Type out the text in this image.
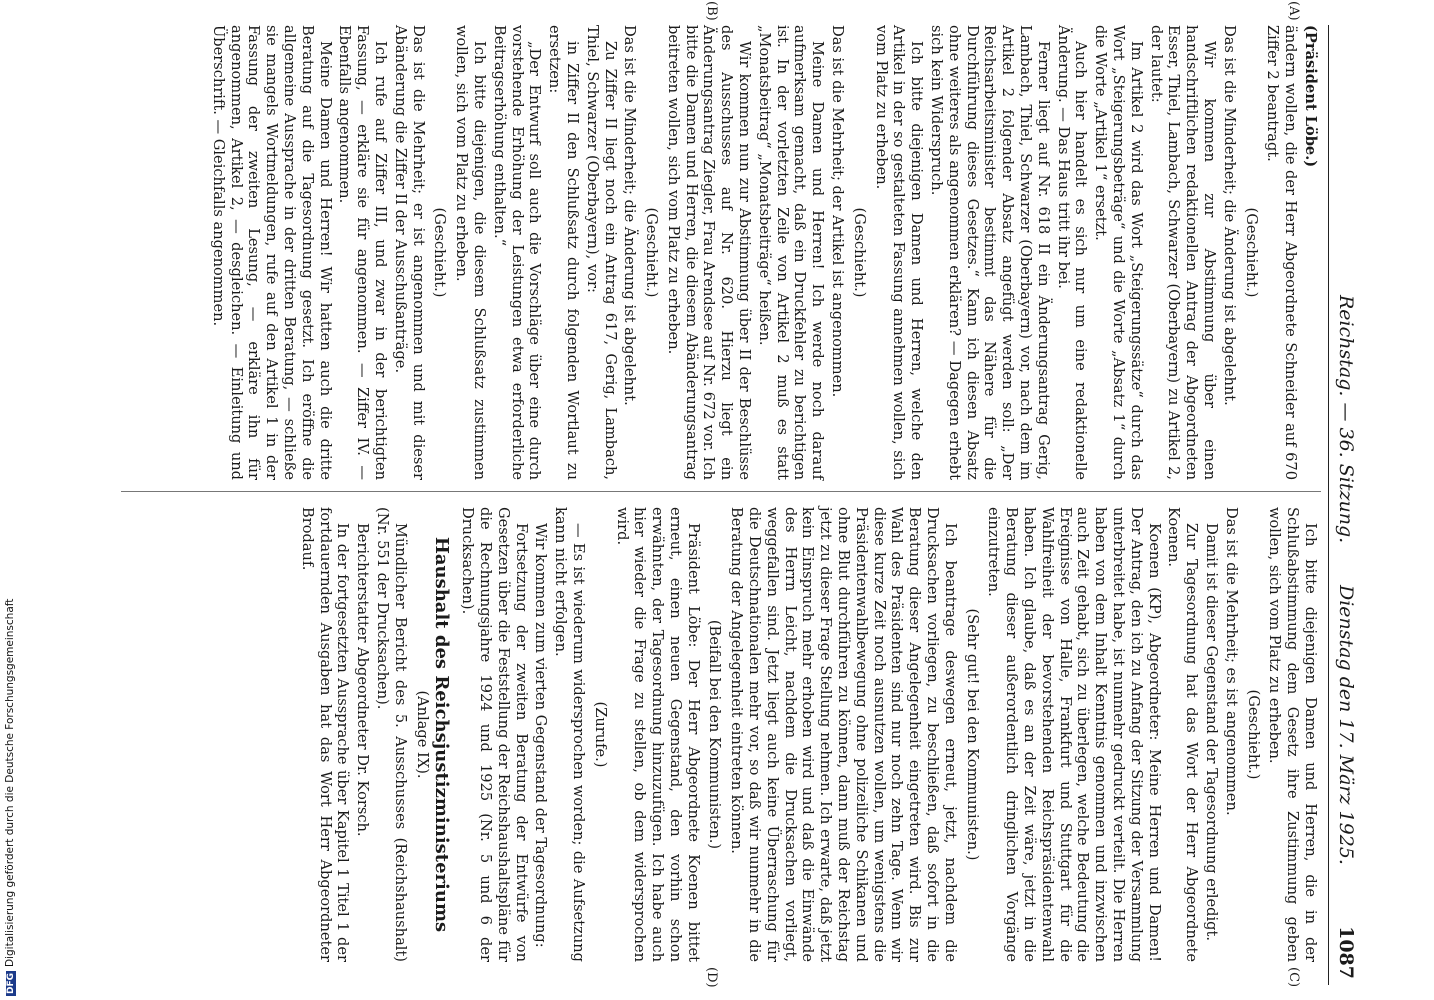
Reichstag. — 36. Sitzung.
Dienstag den 17. März 1925.
1087
(A)
(B)
(C)
(D)

(Präsident Löbe.)

ändern wollen, die der Herr Abgeordnete Schneider auf 670 Ziffer 2 beantragt.

(Geschieht.)

Das ist die Minderheit; die Änderung ist abgelehnt.

Wir kommen zur Abstimmung über einen handschriftlichen redaktionellen Antrag der Abgeordneten Esser, Thiel, Lambach, Schwarzer (Oberbayern) zu Artikel 2, der lautet:

Im Artikel 2 wird das Wort „Steigerungssätze“ durch das Wort „Steigerungsbeträge“ und die Worte „Absatz 1“ durch die Worte „Artikel 1“ ersetzt.

Auch hier handelt es sich nur um eine redaktionelle Änderung. — Das Haus tritt ihr bei.

Ferner liegt auf Nr. 618 II ein Änderungsantrag Gerig, Lambach, Thiel, Schwarzer (Oberbayern) vor, nach dem im Artikel 2 folgender Absatz angefügt werden soll: „Der Reichsarbeitsminister bestimmt das Nähere für die Durchführung dieses Gesetzes.“ Kann ich diesen Absatz ohne weiteres als angenommen erklären? — Dagegen erhebt sich kein Widerspruch.

Ich bitte diejenigen Damen und Herren, welche den Artikel in der so gestalteten Fassung annehmen wollen, sich vom Platz zu erheben.

(Geschieht.)

Das ist die Mehrheit; der Artikel ist angenommen.

Meine Damen und Herren! Ich werde noch darauf aufmerksam gemacht, daß ein Druckfehler zu berichtigen ist. In der vorletzten Zeile von Artikel 2 muß es statt „Monatsbeitrag“ „Monatsbeiträge“ heißen.

Wir kommen nun zur Abstimmung über II der Beschlüsse des Ausschusses auf Nr. 620. Hierzu liegt ein Änderungsantrag Ziegler, Frau Arendsee auf Nr. 672 vor. Ich bitte die Damen und Herren, die diesem Abänderungsantrag beitreten wollen, sich vom Platz zu erheben.

(Geschieht.)

Das ist die Minderheit; die Änderung ist abgelehnt.

Zu Ziffer II liegt noch ein Antrag 617, Gerig, Lambach, Thiel, Schwarzer (Oberbayern), vor:

in Ziffer II den Schlußsatz durch folgenden Wortlaut zu ersetzen:

„Der Entwurf soll auch die Vorschläge über eine durch vorstehende Erhöhung der Leistungen etwa erforderliche Beitragserhöhung enthalten.“

Ich bitte diejenigen, die diesem Schlußsatz zustimmen wollen, sich vom Platz zu erheben.

(Geschieht.)

Das ist die Mehrheit; er ist angenommen und mit dieser Abänderung die Ziffer II der Ausschußanträge.

Ich rufe auf Ziffer III, und zwar in der berichtigten Fassung, — erkläre sie für angenommen. — Ziffer IV. — Ebenfalls angenommen.

Meine Damen und Herren! Wir hatten auch die dritte Beratung auf die Tagesordnung gesetzt. Ich eröffne die allgemeine Aussprache in der dritten Beratung, — schließe sie mangels Wortmeldungen, rufe auf den Artikel 1 in der Fassung der zweiten Lesung, — erkläre ihn für angenommen, Artikel 2, — desgleichen. — Einleitung und Überschrift. — Gleichfalls angenommen.

Ich bitte diejenigen Damen und Herren, die in der Schlußabstimmung dem Gesetz ihre Zustimmung geben wollen, sich vom Platz zu erheben.

(Geschieht.)

Das ist die Mehrheit; es ist angenommen.

Damit ist dieser Gegenstand der Tagesordnung erledigt.

Zur Tagesordnung hat das Wort der Herr Abgeordnete Koenen.

Koenen (KP), Abgeordneter: Meine Herren und Damen! Der Antrag, den ich zu Anfang der Sitzung der Versammlung unterbreitet habe, ist nunmehr gedruckt verteilt. Die Herren haben von dem Inhalt Kenntnis genommen und inzwischen auch Zeit gehabt, sich zu überlegen, welche Bedeutung die Ereignisse von Halle, Frankfurt und Stuttgart für die Wahlfreiheit der bevorstehenden Reichspräsidentenwahl haben. Ich glaube, daß es an der Zeit wäre, jetzt in die Beratung dieser außerordentlich dringlichen Vorgänge einzutreten.

(Sehr gut! bei den Kommunisten.)

Ich beantrage deswegen erneut, jetzt, nachdem die Drucksachen vorliegen, zu beschließen, daß sofort in die Beratung dieser Angelegenheit eingetreten wird. Bis zur Wahl des Präsidenten sind nur noch zehn Tage. Wenn wir diese kurze Zeit noch ausnutzen wollen, um wenigstens die Präsidentenwahlbewegung ohne polizeiliche Schikanen und ohne Blut durchführen zu können, dann muß der Reichstag jetzt zu dieser Frage Stellung nehmen. Ich erwarte, daß jetzt kein Einspruch mehr erhoben wird und daß die Einwände des Herrn Leicht, nachdem die Drucksachen vorliegt, weggefallen sind. Jetzt liegt auch keine Überraschung für die Deutschnationalen mehr vor, so daß wir nunmehr in die Beratung der Angelegenheit eintreten können.

(Beifall bei den Kommunisten.)

Präsident Löbe: Der Herr Abgeordnete Koenen bittet erneut, einen neuen Gegenstand, den vorhin schon erwähnten, der Tagesordnung hinzuzufügen. Ich habe auch hier wieder die Frage zu stellen, ob dem widersprochen wird.

(Zurufe.)

— Es ist wiederum widersprochen worden; die Aufsetzung kann nicht erfolgen.

Wir kommen zum vierten Gegenstand der Tagesordnung:

Fortsetzung der zweiten Beratung der Entwürfe von Gesetzen über die Feststellung der Reichshaushaltspläne für die Rechnungsjahre 1924 und 1925 (Nr. 5 und 6 der Drucksachen).

Haushalt des Reichsjustizministeriums
(Anlage IX).

Mündlicher Bericht des 5. Ausschusses (Reichshaushalt) (Nr. 551 der Drucksachen).

Berichterstatter Abgeordneter Dr. Korsch.

In der fortgesetzten Aussprache über Kapitel 1 Titel 1 der fortdauernden Ausgaben hat das Wort Herr Abgeordneter Brodauf.

DFGDigitalisierung gefördert durch die Deutsche Forschungsgemeinschaft
